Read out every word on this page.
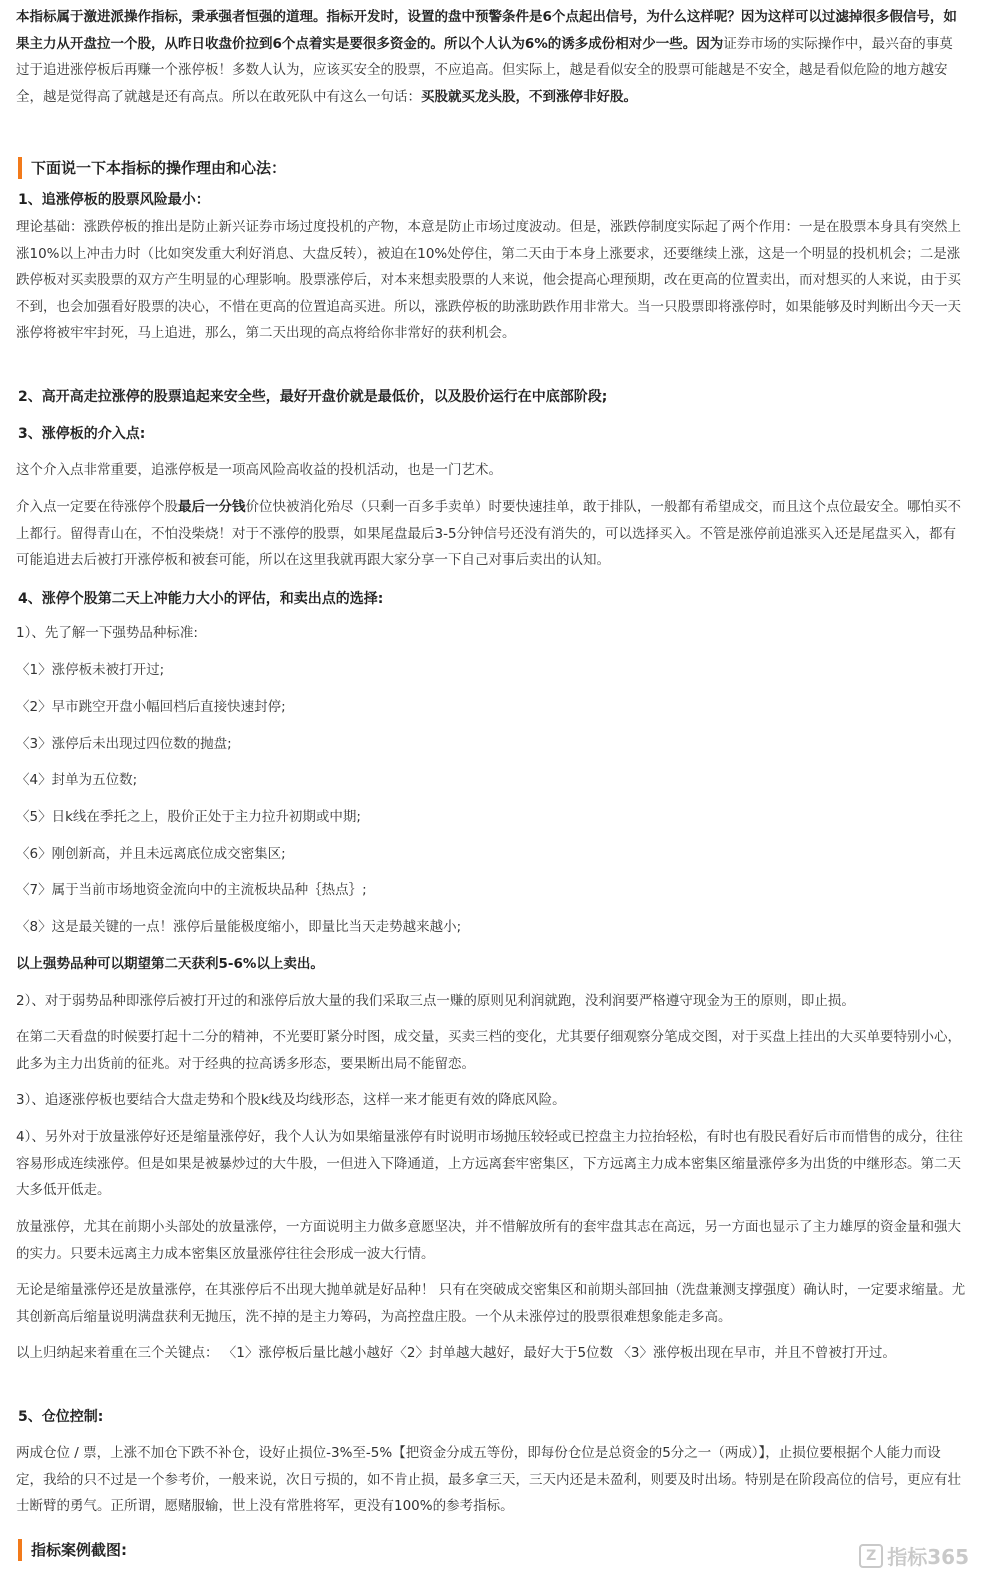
本指标属于激进派操作指标，秉承强者恒强的道理。指标开发时，设置的盘中预警条件是6个点起出信号，为什么这样呢？因为这样可以过滤掉很多假信号，如果主力从开盘拉一个股，从昨日收盘价拉到6个点着实是要很多资金的。所以个人认为6%的诱多成份相对少一些。因为证券市场的实际操作中，最兴奋的事莫过于追进涨停板后再赚一个涨停板！多数人认为，应该买安全的股票，不应追高。但实际上，越是看似安全的股票可能越是不安全，越是看似危险的地方越安全，越是觉得高了就越是还有高点。所以在敢死队中有这么一句话：买股就买龙头股，不到涨停非好股。

下面说一下本指标的操作理由和心法：
1、追涨停板的股票风险最小：

理论基础：涨跌停板的推出是防止新兴证券市场过度投机的产物，本意是防止市场过度波动。但是，涨跌停制度实际起了两个作用：一是在股票本身具有突然上涨10%以上冲击力时（比如突发重大利好消息、大盘反转），被迫在10%处停住，第二天由于本身上涨要求，还要继续上涨，这是一个明显的投机机会；二是涨跌停板对买卖股票的双方产生明显的心理影响。股票涨停后，对本来想卖股票的人来说，他会提高心理预期，改在更高的位置卖出，而对想买的人来说，由于买不到，也会加强看好股票的决心，不惜在更高的位置追高买进。所以，涨跌停板的助涨助跌作用非常大。当一只股票即将涨停时，如果能够及时判断出今天一天涨停将被牢牢封死，马上追进，那么，第二天出现的高点将给你非常好的获利机会。

2、高开高走拉涨停的股票追起来安全些，最好开盘价就是最低价，以及股价运行在中底部阶段;
3、涨停板的介入点:

这个介入点非常重要，追涨停板是一项高风险高收益的投机活动，也是一门艺术。

介入点一定要在待涨停个股最后一分钱价位快被消化殆尽（只剩一百多手卖单）时要快速挂单，敢于排队，一般都有希望成交，而且这个点位最安全。哪怕买不上都行。留得青山在，不怕没柴烧！对于不涨停的股票，如果尾盘最后3-5分钟信号还没有消失的，可以选择买入。不管是涨停前追涨买入还是尾盘买入，都有可能追进去后被打开涨停板和被套可能，所以在这里我就再跟大家分享一下自己对事后卖出的认知。

4、涨停个股第二天上冲能力大小的评估，和卖出点的选择:

1）、先了解一下强势品种标准:

〈1〉涨停板未被打开过;

〈2〉早市跳空开盘小幅回档后直接快速封停;

〈3〉涨停后未出现过四位数的抛盘;

〈4〉封单为五位数;

〈5〉日k线在季托之上，股价正处于主力拉升初期或中期;

〈6〉刚创新高，并且未远离底位成交密集区;

〈7〉属于当前市场地资金流向中的主流板块品种｛热点｝;

〈8〉这是最关键的一点！涨停后量能极度缩小，即量比当天走势越来越小;

以上强势品种可以期望第二天获利5-6%以上卖出。

2）、对于弱势品种即涨停后被打开过的和涨停后放大量的我们采取三点一赚的原则见利润就跑，没利润要严格遵守现金为王的原则，即止损。

在第二天看盘的时候要打起十二分的精神，不光要盯紧分时图，成交量，买卖三档的变化，尤其要仔细观察分笔成交图，对于买盘上挂出的大买单要特别小心，此多为主力出货前的征兆。对于经典的拉高诱多形态，要果断出局不能留恋。

3）、追逐涨停板也要结合大盘走势和个股k线及均线形态，这样一来才能更有效的降底风险。

4）、另外对于放量涨停好还是缩量涨停好，我个人认为如果缩量涨停有时说明市场抛压较轻或已控盘主力拉抬轻松，有时也有股民看好后市而惜售的成分，往往容易形成连续涨停。但是如果是被暴炒过的大牛股，一但进入下降通道，上方远离套牢密集区，下方远离主力成本密集区缩量涨停多为出货的中继形态。第二天大多低开低走。

放量涨停，尤其在前期小头部处的放量涨停，一方面说明主力做多意愿坚决，并不惜解放所有的套牢盘其志在高远，另一方面也显示了主力雄厚的资金量和强大的实力。只要未远离主力成本密集区放量涨停往往会形成一波大行情。

无论是缩量涨停还是放量涨停，在其涨停后不出现大抛单就是好品种！ 只有在突破成交密集区和前期头部回抽（洗盘兼测支撑强度）确认时，一定要求缩量。尤其创新高后缩量说明满盘获利无抛压，洗不掉的是主力筹码，为高控盘庄股。一个从未涨停过的股票很难想象能走多高。

以上归纳起来着重在三个关键点： 〈1〉涨停板后量比越小越好〈2〉封单越大越好，最好大于5位数 〈3〉涨停板出现在早市，并且不曾被打开过。

5、仓位控制:

两成仓位 / 票，上涨不加仓下跌不补仓，设好止损位-3%至-5%【把资金分成五等份，即每份仓位是总资金的5分之一（两成）】，止损位要根据个人能力而设定，我给的只不过是一个参考价，一般来说，次日亏损的，如不肯止损，最多拿三天，三天内还是未盈利，则要及时出场。特别是在阶段高位的信号，更应有壮士断臂的勇气。正所谓，愿赌服输，世上没有常胜将军，更没有100%的参考指标。

指标案例截图:	Z 指标365
